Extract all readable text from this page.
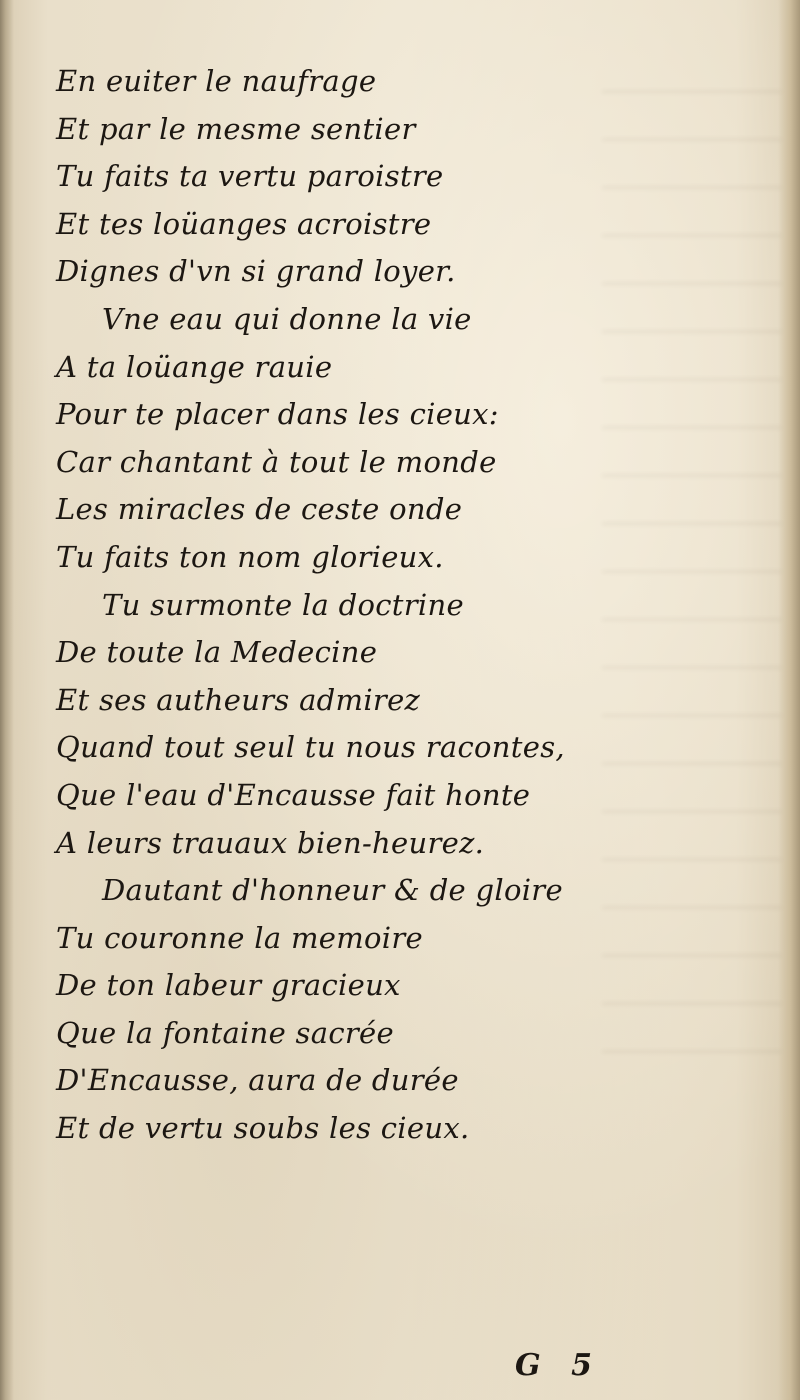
En euiter le naufrage
Et par le mesme sentier
Tu faits ta vertu paroistre
Et tes loüanges acroistre
Dignes d'vn si grand loyer.
Vne eau qui donne la vie
A ta loüange rauie
Pour te placer dans les cieux:
Car chantant à tout le monde
Les miracles de ceste onde
Tu faits ton nom glorieux.
Tu surmonte la doctrine
De toute la Medecine
Et ses autheurs admirez
Quand tout seul tu nous racontes,
Que l'eau d'Encausse fait honte
A leurs trauaux bien-heurez.
Dautant d'honneur & de gloire
Tu couronne la memoire
De ton labeur gracieux
Que la fontaine sacrée
D'Encausse, aura de durée
Et de vertu soubs les cieux.
G 5
